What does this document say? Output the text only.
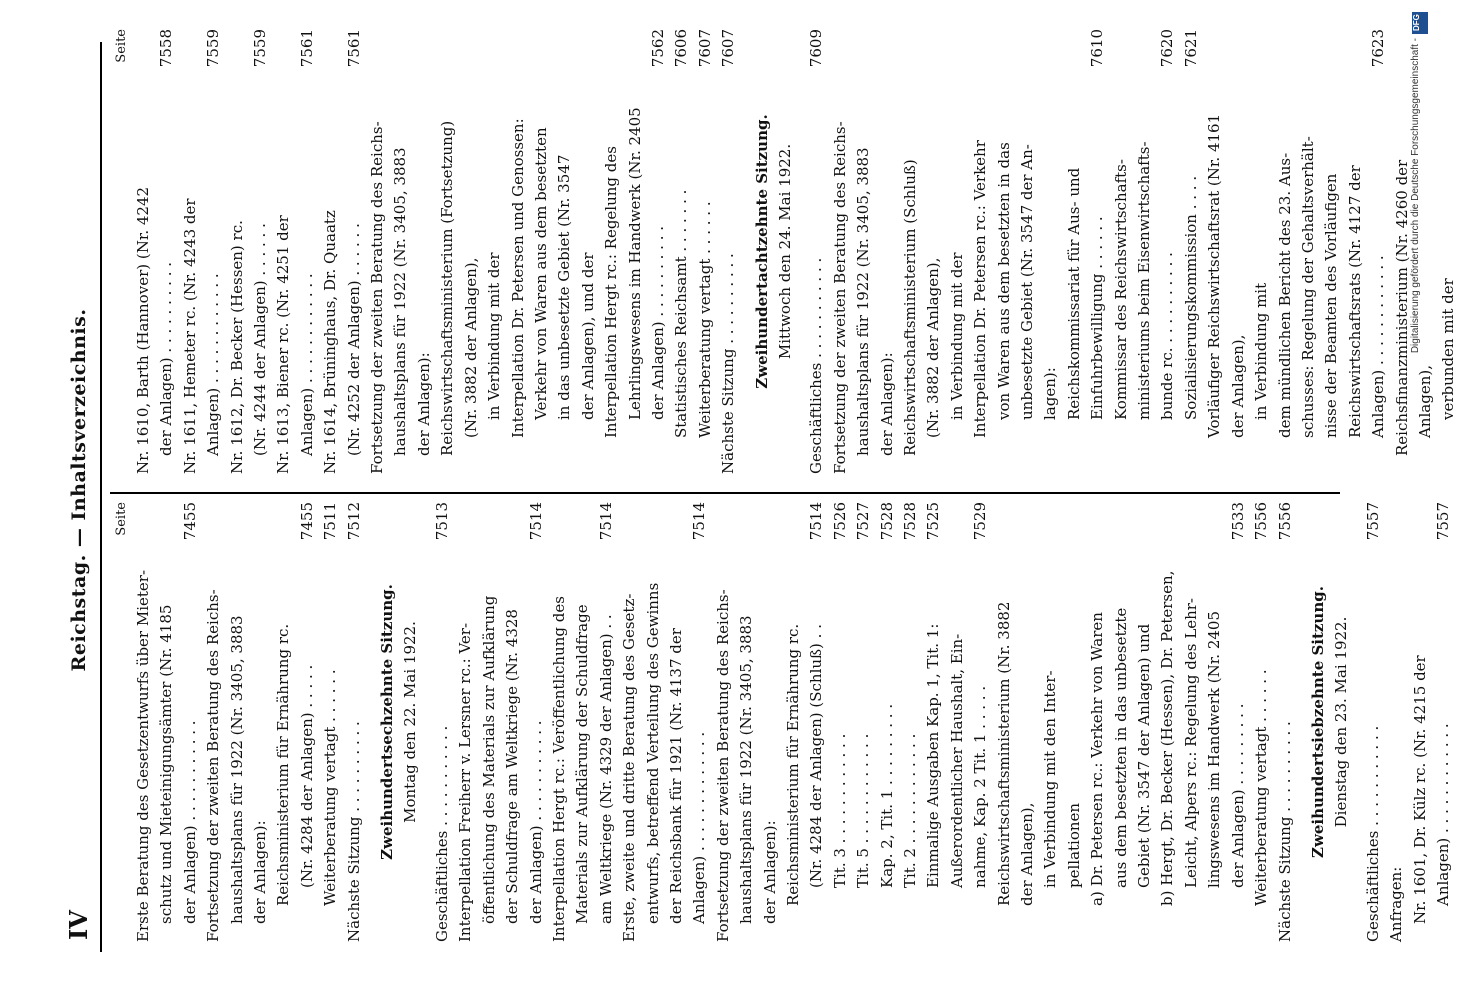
IV
Reichstag. — Inhaltsverzeichnis. Seite
Erste Beratung des Gesetzentwurfs über Mieter- schutz und Mieteinigungsämter (Nr. 4185 der Anlagen) . . . . . . . . . . .
7455
Fortsetzung der zweiten Beratung des Reichs- haushaltsplans für 1922 (Nr. 3405, 3883 der Anlagen): Reichsministerium für Ernährung rc. (Nr. 4284 der Anlagen) . . . . .
7455
Weiterberatung vertagt . . . . . .
7511
Nächste Sitzung . . . . . . . . . .
7512
Zweihundertsechzehnte Sitzung. Montag den 22. Mai 1922.
Geschäftliches . . . . . . . . . . .
7513
Interpellation Freiherr v. Lersner rc.: Ver- öffentlichung des Materials zur Aufklärung der Schuldfrage am Weltkriege (Nr. 4328 der Anlagen) . . . . . . . . . . .
7514
Interpellation Hergt rc.: Veröffentlichung des Materials zur Aufklärung der Schuldfrage am Weltkriege (Nr. 4329 der Anlagen) . .
7514
Erste, zweite und dritte Beratung des Gesetz- entwurfs, betreffend Verteilung des Gewinns der Reichsbank für 1921 (Nr. 4137 der Anlagen) . . . . . . . . . . . . .
7514
Fortsetzung der zweiten Beratung des Reichs- haushaltsplans für 1922 (Nr. 3405, 3883 der Anlagen): Reichsministerium für Ernährung rc. (Nr. 4284 der Anlagen) (Schluß) . .
7514
Tit. 3 . . . . . . . . . . . .
7526
Tit. 5 . . . . . . . . . . . .
7527
Kap. 2, Tit. 1 . . . . . . . . .
7528
Tit. 2 . . . . . . . . . . . .
7528
Einmalige Ausgaben Kap. 1, Tit. 1:
7525
Außerordentlicher Haushalt, Ein- nahme, Kap. 2 Tit. 1 . . . . .
7529
Reichswirtschaftsministerium (Nr. 3882 der Anlagen), in Verbindung mit den Inter- pellationen a) Dr. Petersen rc.: Verkehr von Waren aus dem besetzten in das unbesetzte Gebiet (Nr. 3547 der Anlagen) und b) Hergt, Dr. Becker (Hessen), Dr. Petersen, Leicht, Alpers rc.: Regelung des Lehr- lingswesens im Handwerk (Nr. 2405 der Anlagen) . . . . . . . . .
7533
Weiterberatung vertagt . . . . . .
7556
Nächste Sitzung . . . . . . . . . .
7556
Zweihundertsiebzehnte Sitzung. Dienstag den 23. Mai 1922.
Geschäftliches . . . . . . . . . . .
7557
Anfragen: Nr. 1601, Dr. Külz rc. (Nr. 4215 der Anlagen) . . . . . . . . . . . .
7557
Seite
Nr. 1610, Barth (Hannover) (Nr. 4242 der Anlagen) . . . . . . . . . .
7558
Nr. 1611, Hemeter rc. (Nr. 4243 der Anlagen) . . . . . . . . . . . .
7559
Nr. 1612, Dr. Becker (Hessen) rc. (Nr. 4244 der Anlagen) . . . . . .
7559
Nr. 1613, Biener rc. (Nr. 4251 der Anlagen) . . . . . . . . . . . .
7561
Nr. 1614, Brüninghaus, Dr. Quaatz (Nr. 4252 der Anlagen) . . . . . .
7561
Fortsetzung der zweiten Beratung des Reichs- haushaltsplans für 1922 (Nr. 3405, 3883 der Anlagen): Reichswirtschaftsministerium (Fortsetzung) (Nr. 3882 der Anlagen), in Verbindung mit der Interpellation Dr. Petersen und Genossen: Verkehr von Waren aus dem besetzten in das unbesetzte Gebiet (Nr. 3547 der Anlagen), und der Interpellation Hergt rc.: Regelung des Lehrlingswesens im Handwerk (Nr. 2405 der Anlagen) . . . . . . . . . .
7562
Statistisches Reichsamt . . . . . . .
7606
Weiterberatung vertagt . . . . . .
7607
Nächste Sitzung . . . . . . . . . .
7607
Zweihundertachtzehnte Sitzung. Mittwoch den 24. Mai 1922.
Geschäftliches . . . . . . . . . . .
7609
Fortsetzung der zweiten Beratung des Reichs- haushaltsplans für 1922 (Nr. 3405, 3883 der Anlagen): Reichswirtschaftsministerium (Schluß) (Nr. 3882 der Anlagen), in Verbindung mit der Interpellation Dr. Petersen rc.: Verkehr von Waren aus dem besetzten in das unbesetzte Gebiet (Nr. 3547 der An- lagen): Reichskommissariat für Aus- und Einfuhrbewilligung . . . . . .
7610
Kommissar des Reichswirtschafts- ministeriums beim Eisenwirtschafts- bunde rc. . . . . . . . . . .
7620
Sozialisierungskommission . . . .
7621
Vorläufiger Reichswirtschaftsrat (Nr. 4161 der Anlagen), in Verbindung mit dem mündlichen Bericht des 23. Aus- schusses: Regelung der Gehaltsverhält- nisse der Beamten des Vorläufigen Reichswirtschaftsrats (Nr. 4127 der Anlagen) . . . . . . . . . . . .
7623
Reichsfinanzministerium (Nr. 4260 der Anlagen), verbunden mit der
DFG
Digitalisierung gefördert durch die Deutsche Forschungsgemeinschaft -
